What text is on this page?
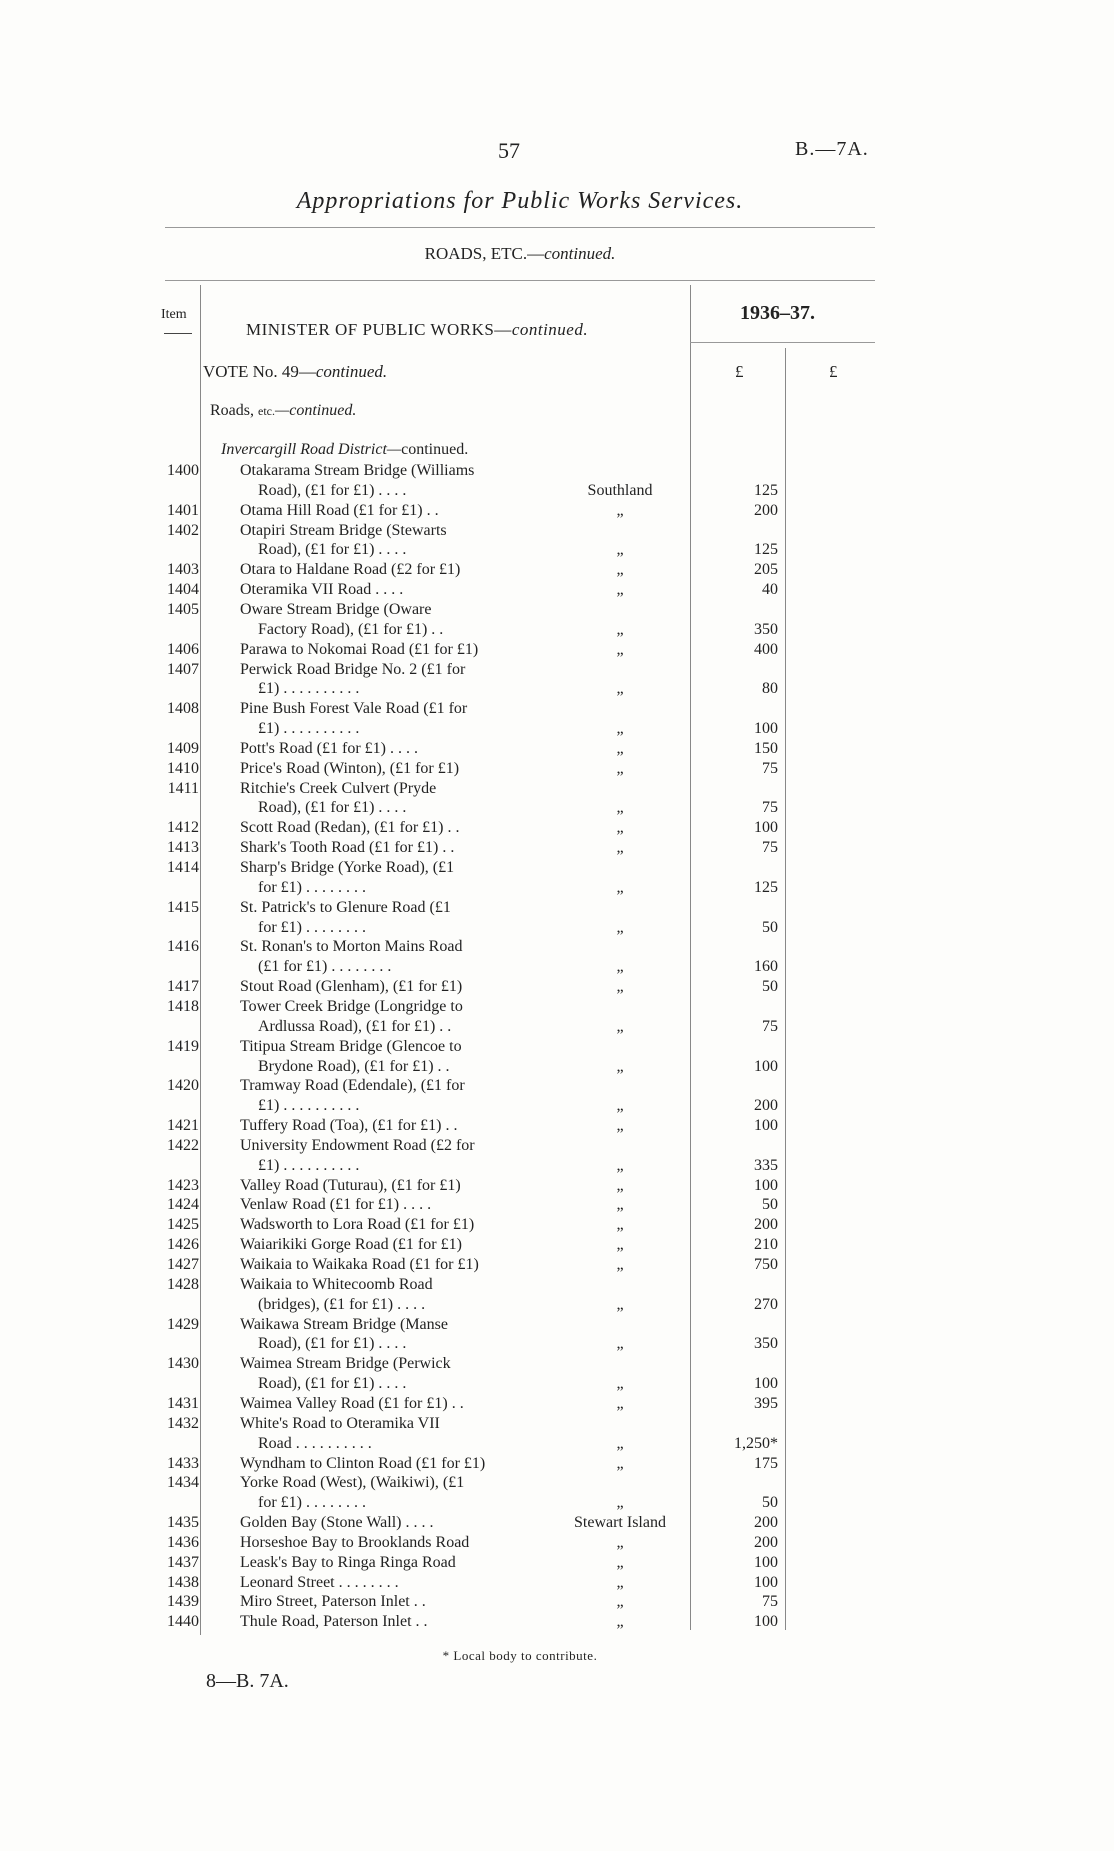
57	B.—7A.
Appropriations for Public Works Services.
ROADS, ETC.—continued.
Item
MINISTER OF PUBLIC WORKS—continued.
1936–37.
VOTE No. 49—continued.	£	£
Roads, etc.—continued.
Invercargill Road District—continued.
1400	Otakarama Stream Bridge (Williams
Road), (£1 for £1) . . . .	Southland	125
1401	Otama Hill Road (£1 for £1) . .	„	200
1402	Otapiri Stream Bridge (Stewarts
Road), (£1 for £1) . . . .	„	125
1403	Otara to Haldane Road (£2 for £1)	„	205
1404	Oteramika VII Road . . . .	„	40
1405	Oware Stream Bridge (Oware
Factory Road), (£1 for £1) . .	„	350
1406	Parawa to Nokomai Road (£1 for £1)	„	400
1407	Perwick Road Bridge No. 2 (£1 for
£1) . . . . . . . . . .	„	80
1408	Pine Bush Forest Vale Road (£1 for
£1) . . . . . . . . . .	„	100
1409	Pott's Road (£1 for £1) . . . .	„	150
1410	Price's Road (Winton), (£1 for £1)	„	75
1411	Ritchie's Creek Culvert (Pryde
Road), (£1 for £1) . . . .	„	75
1412	Scott Road (Redan), (£1 for £1) . .	„	100
1413	Shark's Tooth Road (£1 for £1) . .	„	75
1414	Sharp's Bridge (Yorke Road), (£1
for £1) . . . . . . . .	„	125
1415	St. Patrick's to Glenure Road (£1
for £1) . . . . . . . .	„	50
1416	St. Ronan's to Morton Mains Road
(£1 for £1) . . . . . . . .	„	160
1417	Stout Road (Glenham), (£1 for £1)	„	50
1418	Tower Creek Bridge (Longridge to
Ardlussa Road), (£1 for £1) . .	„	75
1419	Titipua Stream Bridge (Glencoe to
Brydone Road), (£1 for £1) . .	„	100
1420	Tramway Road (Edendale), (£1 for
£1) . . . . . . . . . .	„	200
1421	Tuffery Road (Toa), (£1 for £1) . .	„	100
1422	University Endowment Road (£2 for
£1) . . . . . . . . . .	„	335
1423	Valley Road (Tuturau), (£1 for £1)	„	100
1424	Venlaw Road (£1 for £1) . . . .	„	50
1425	Wadsworth to Lora Road (£1 for £1)	„	200
1426	Waiarikiki Gorge Road (£1 for £1)	„	210
1427	Waikaia to Waikaka Road (£1 for £1)	„	750
1428	Waikaia to Whitecoomb Road
(bridges), (£1 for £1) . . . .	„	270
1429	Waikawa Stream Bridge (Manse
Road), (£1 for £1) . . . .	„	350
1430	Waimea Stream Bridge (Perwick
Road), (£1 for £1) . . . .	„	100
1431	Waimea Valley Road (£1 for £1) . .	„	395
1432	White's Road to Oteramika VII
Road . . . . . . . . . .	„	1,250*
1433	Wyndham to Clinton Road (£1 for £1)	„	175
1434	Yorke Road (West), (Waikiwi), (£1
for £1) . . . . . . . .	„	50
1435	Golden Bay (Stone Wall) . . . .	Stewart Island	200
1436	Horseshoe Bay to Brooklands Road	„	200
1437	Leask's Bay to Ringa Ringa Road	„	100
1438	Leonard Street . . . . . . . .	„	100
1439	Miro Street, Paterson Inlet . .	„	75
1440	Thule Road, Paterson Inlet . .	„	100
* Local body to contribute.
8—B. 7A.
